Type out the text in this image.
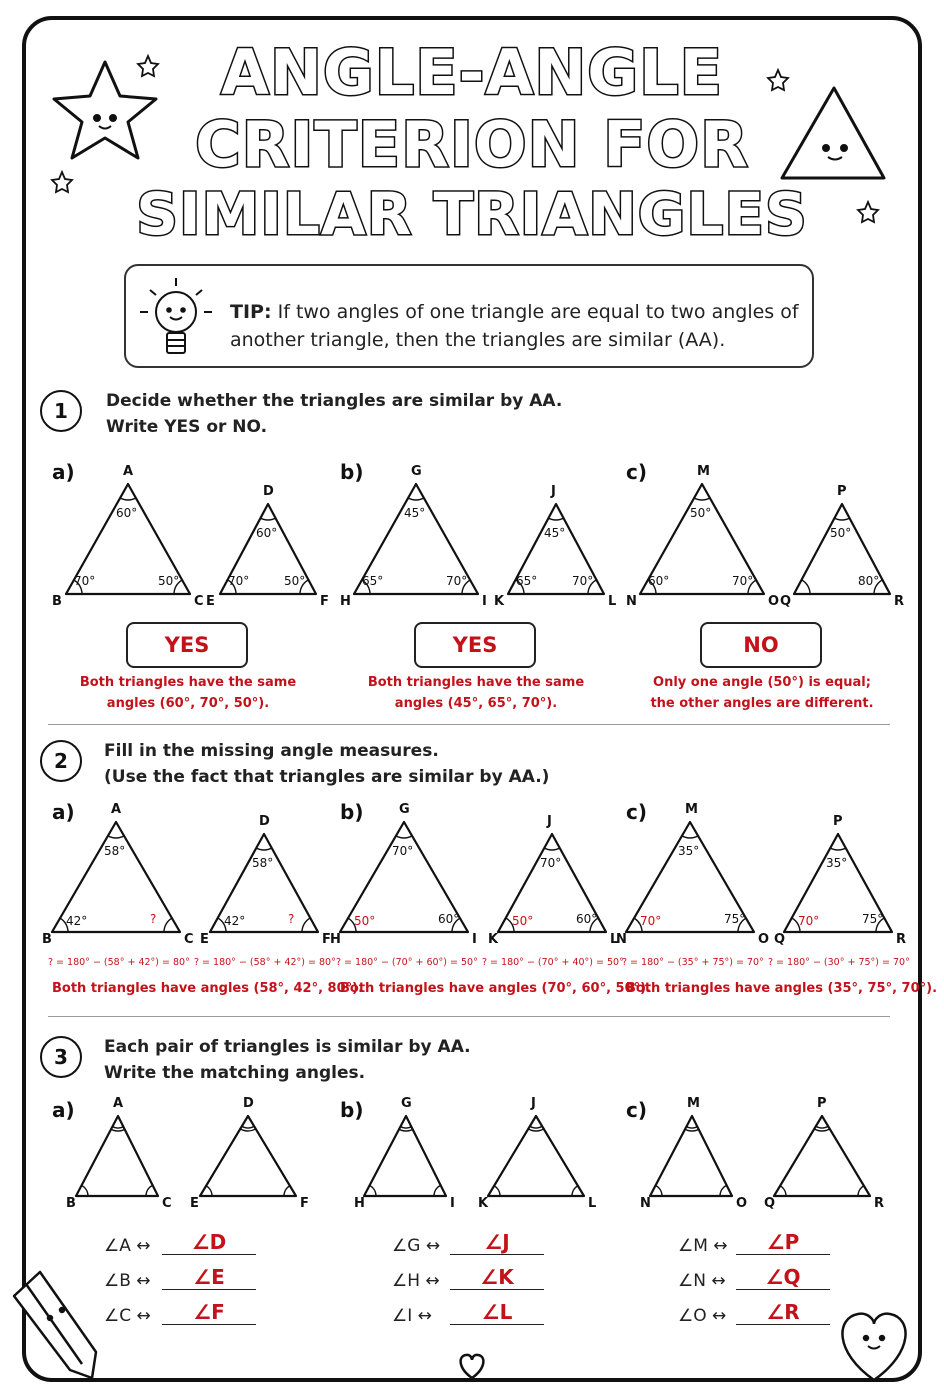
ANGLE-ANGLE
CRITERION FOR
SIMILAR TRIANGLES
TIP: If two angles of one triangle are equal to two angles of
another triangle, then the triangles are similar (AA).
1	Decide whether the triangles are similar by AA.
Write YES or NO.
a)	A
B	C
60°
70°	50°
D
E	F
60°
70°	50°
YES
Both triangles have the same
angles (60°, 70°, 50°).
b)	G
H	I
45°
65°	70°
J
K	L
45°
65°	70°
YES
Both triangles have the same
angles (45°, 65°, 70°).
c)	M
N	O
50°
60°	70°
P
Q	R
50°
80°
NO
Only one angle (50°) is equal;
the other angles are different.
2	Fill in the missing angle measures.
(Use the fact that triangles are similar by AA.)
a)	A
B	C
58°
42°	?
D
E	F
58°
42°	?
? = 180° − (58° + 42°) = 80° ? = 180° − (58° + 42°) = 80°
Both triangles have angles (58°, 42°, 80°).
b)	G
H	I
70°
50°	60°
J
K	L
70°
50°	60°
? = 180° − (70° + 60°) = 50° ? = 180° − (70° + 40°) = 50°
Both triangles have angles (70°, 60°, 50°).
c)	M
N	O
35°
70°	75°
P
Q	R
35°
70°	75°
? = 180° − (35° + 75°) = 70° ? = 180° − (30° + 75°) = 70°
Both triangles have angles (35°, 75°, 70°).
3	Each pair of triangles is similar by AA.
Write the matching angles.
a)	A
B	C
D
E	F
∠A ↔	∠D
∠B ↔	∠E
∠C ↔	∠F
b)	G
H	I
J
K	L
∠G ↔	∠J
∠H ↔	∠K
∠I ↔	∠L
c)	M
N	O
P
Q	R
∠M ↔	∠P
∠N ↔	∠Q
∠O ↔	∠R
